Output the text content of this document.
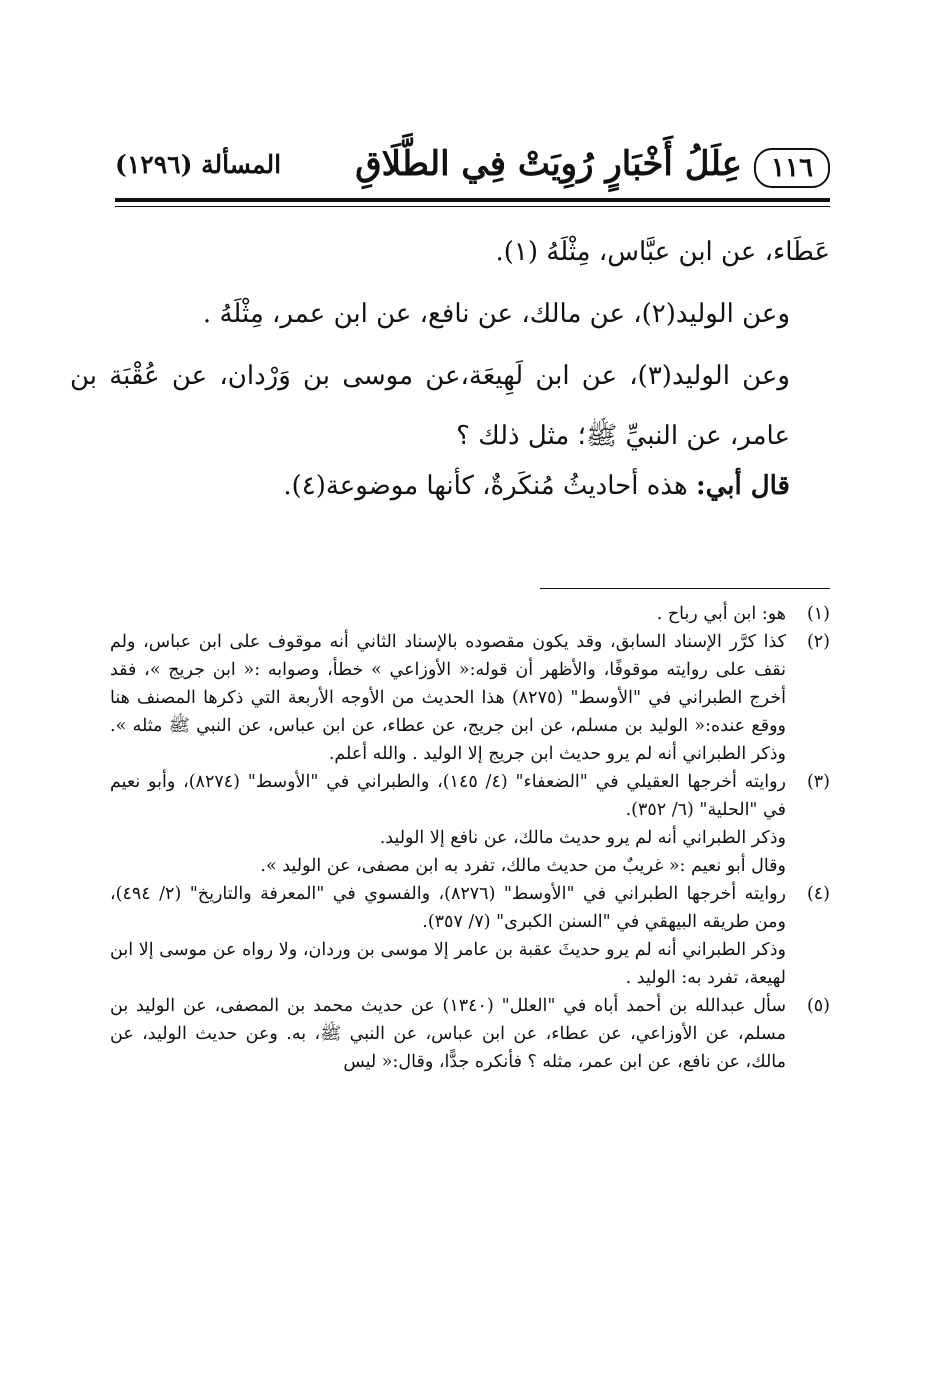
١١٦
عِلَلُ أَخْبَارٍ رُوِيَتْ فِي الطَّلَاقِ
المسألة (١٢٩٦)

عَطَاء، عن ابن عبَّاس، مِثْلَهُ (١).

وعن الوليد(٢)، عن مالك، عن نافع، عن ابن عمر، مِثْلَهُ .

وعن الوليد(٣)، عن ابن لَهِيعَة،عن موسى بن وَرْدان، عن عُقْبَة بن عامر، عن النبيِّ ﷺ؛ مثل ذلك ؟

قال أبي: هذه أحاديثُ مُنكَرةٌ، كأنها موضوعة(٤).

(١)

هو: ابن أبي رباح .

(٢)

كذا كرَّر الإسناد السابق، وقد يكون مقصوده بالإسناد الثاني أنه موقوف على ابن عباس، ولم نقف على روايته موقوفًا، والأظهر أن قوله:« الأوزاعي » خطأ، وصوابه :« ابن جريج »، فقد أخرج الطبراني في "الأوسط" (٨٢٧٥) هذا الحديث من الأوجه الأربعة التي ذكرها المصنف هنا ووقع عنده:« الوليد بن مسلم، عن ابن جريج، عن عطاء، عن ابن عباس، عن النبي ﷺ مثله ». وذكر الطبراني أنه لم يرو حديث ابن جريج إلا الوليد . والله أعلم.

(٣)

روايته أخرجها العقيلي في "الضعفاء" (٤/ ١٤٥)، والطبراني في "الأوسط" (٨٢٧٤)، وأبو نعيم في "الحلية" (٦/ ٣٥٢).

وذكر الطبراني أنه لم يرو حديث مالك، عن نافع إلا الوليد.

وقال أبو نعيم :« غريبٌ من حديث مالك، تفرد به ابن مصفى، عن الوليد ».

(٤)

روايته أخرجها الطبراني في "الأوسط" (٨٢٧٦)، والفسوي في "المعرفة والتاريخ" (٢/ ٤٩٤)، ومن طريقه البيهقي في "السنن الكبرى" (٧/ ٣٥٧).

وذكر الطبراني أنه لم يرو حديثَ عقبة بن عامر إلا موسى بن وردان، ولا رواه عن موسى إلا ابن لهيعة، تفرد به: الوليد .

(٥)

سأل عبدالله بن أحمد أباه في "العلل" (١٣٤٠) عن حديث محمد بن المصفى، عن الوليد بن مسلم، عن الأوزاعي، عن عطاء، عن ابن عباس، عن النبي ﷺ، به. وعن حديث الوليد، عن مالك، عن نافع، عن ابن عمر، مثله ؟ فأنكره جدًّا، وقال:« ليس
